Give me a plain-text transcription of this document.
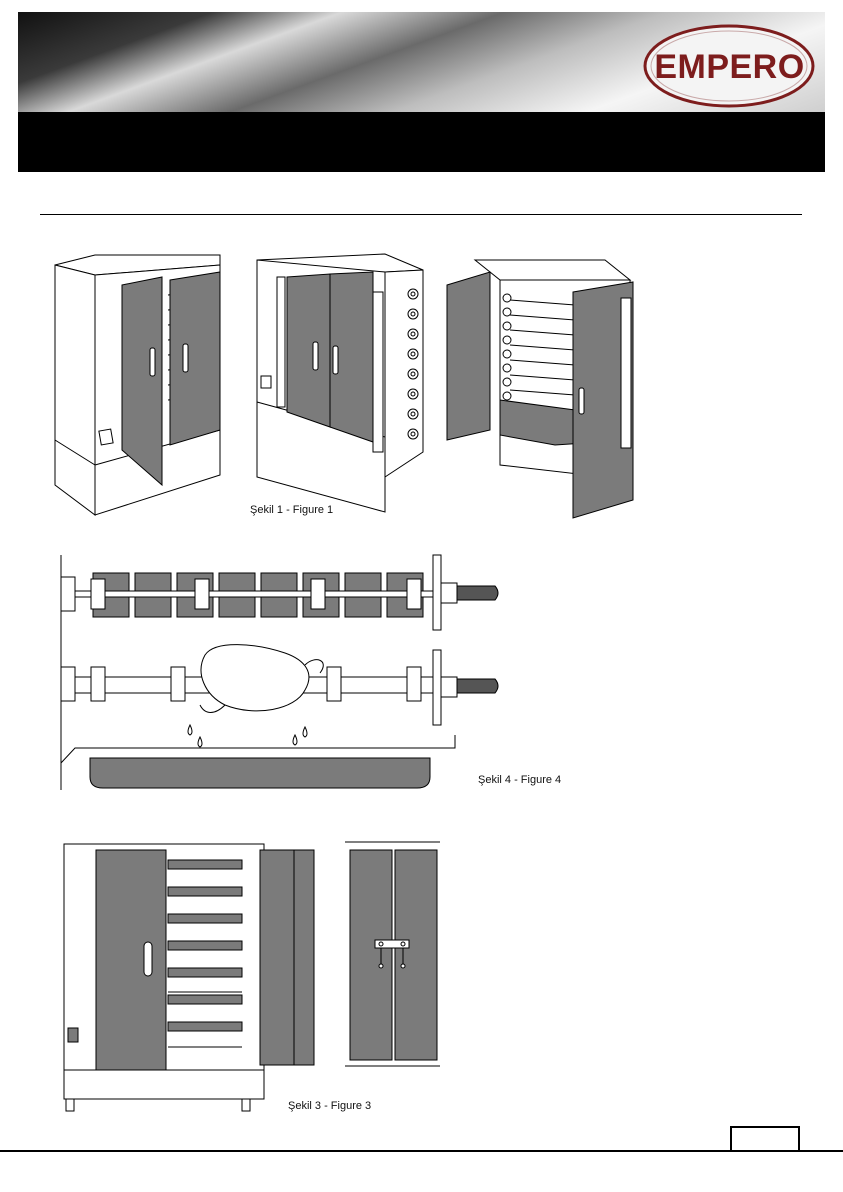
EMPERO
Şekil 1 - Figure 1
Şekil 4 - Figure 4
Şekil 3 - Figure 3
